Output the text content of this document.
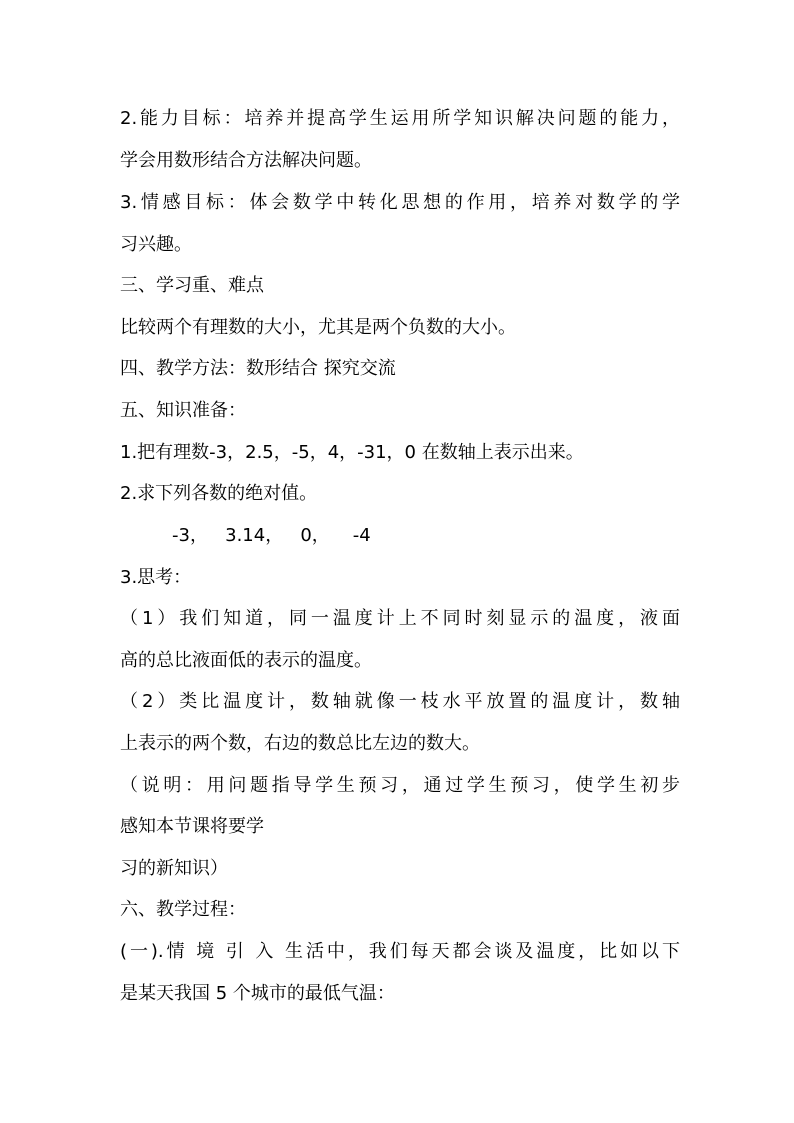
2.能力目标：培养并提高学生运用所学知识解决问题的能力，
学会用数形结合方法解决问题。
3.情感目标：体会数学中转化思想的作用，培养对数学的学
习兴趣。
三、学习重、难点
比较两个有理数的大小，尤其是两个负数的大小。
四、教学方法：数形结合 探究交流
五、知识准备：
1.把有理数-3，2.5，-5，4，-31，0 在数轴上表示出来。
2.求下列各数的绝对值。
-3，   3.14，   0，    -4
3.思考：
（1）我们知道，同一温度计上不同时刻显示的温度，液面
高的总比液面低的表示的温度。
（2）类比温度计，数轴就像一枝水平放置的温度计，数轴
上表示的两个数，右边的数总比左边的数大。
（说明：用问题指导学生预习，通过学生预习，使学生初步
感知本节课将要学
习的新知识）
六、教学过程：
(一).情 境 引 入 生活中，我们每天都会谈及温度，比如以下
是某天我国 5 个城市的最低气温：
